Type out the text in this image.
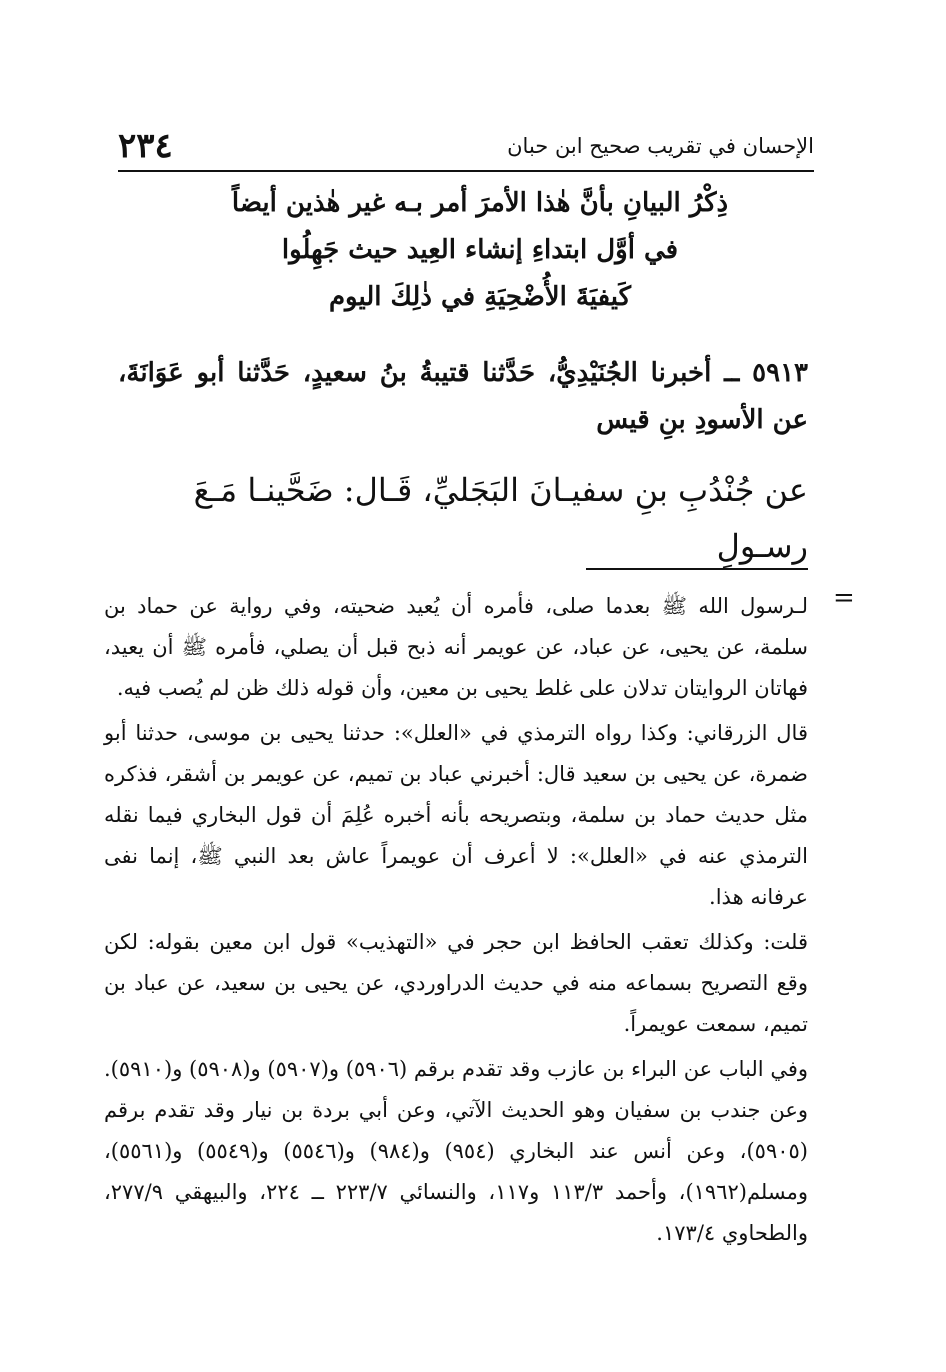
٢٣٤	الإحسان في تقريب صحيح ابن حبان
ذِكْرُ البيانِ بأنَّ هٰذا الأمرَ أمر بـه غير هٰذين أيضاً
في أوَّل ابتداءِ إنشاء العِيد حيث جَهِلُوا
كَيفيَةَ الأُضْحِيَةِ في ذٰلِكَ اليوم
٥٩١٣ ــ أخبرنا الجُنَيْدِيُّ، حَدَّثنا قتيبةُ بنُ سعيدٍ، حَدَّثنا أبو عَوَانَةَ، عن الأسودِ بنِ قيس
عن جُنْدُبِ بنِ سفيـانَ البَجَليِّ، قَـال: ضَحَّينـا مَـعَ رسـولِ
=

لـرسول الله ﷺ بعدما صلى، فأمره أن يُعيد ضحيته، وفي رواية عن حماد بن سلمة، عن يحيى، عن عباد، عن عويمر أنه ذبح قبل أن يصلي، فأمره ﷺ أن يعيد، فهاتان الروايتان تدلان على غلط يحيى بن معين، وأن قوله ذلك ظن لم يُصب فيه.

قال الزرقاني: وكذا رواه الترمذي في «العلل»: حدثنا يحيى بن موسى، حدثنا أبو ضمرة، عن يحيى بن سعيد قال: أخبرني عباد بن تميم، عن عويمر بن أشقر، فذكره مثل حديث حماد بن سلمة، وبتصريحه بأنه أخبره عُلِمَ أن قول البخاري فيما نقله الترمذي عنه في «العلل»: لا أعرف أن عويمراً عاش بعد النبي ﷺ، إنما نفى عرفانه هذا.

قلت: وكذلك تعقب الحافظ ابن حجر في «التهذيب» قول ابن معين بقوله: لكن وقع التصريح بسماعه منه في حديث الدراوردي، عن يحيى بن سعيد، عن عباد بن تميم، سمعت عويمراً.

وفي الباب عن البراء بن عازب وقد تقدم برقم (٥٩٠٦) و(٥٩٠٧) و(٥٩٠٨) و(٥٩١٠). وعن جندب بن سفيان وهو الحديث الآتي، وعن أبي بردة بن نيار وقد تقدم برقم (٥٩٠٥)، وعن أنس عند البخاري (٩٥٤) و(٩٨٤) و(٥٥٤٦) و(٥٥٤٩) و(٥٥٦١)، ومسلم(١٩٦٢)، وأحمد ١١٣/٣ و١١٧، والنسائي ٢٢٣/٧ ــ ٢٢٤، والبيهقي ٢٧٧/٩، والطحاوي ١٧٣/٤.
